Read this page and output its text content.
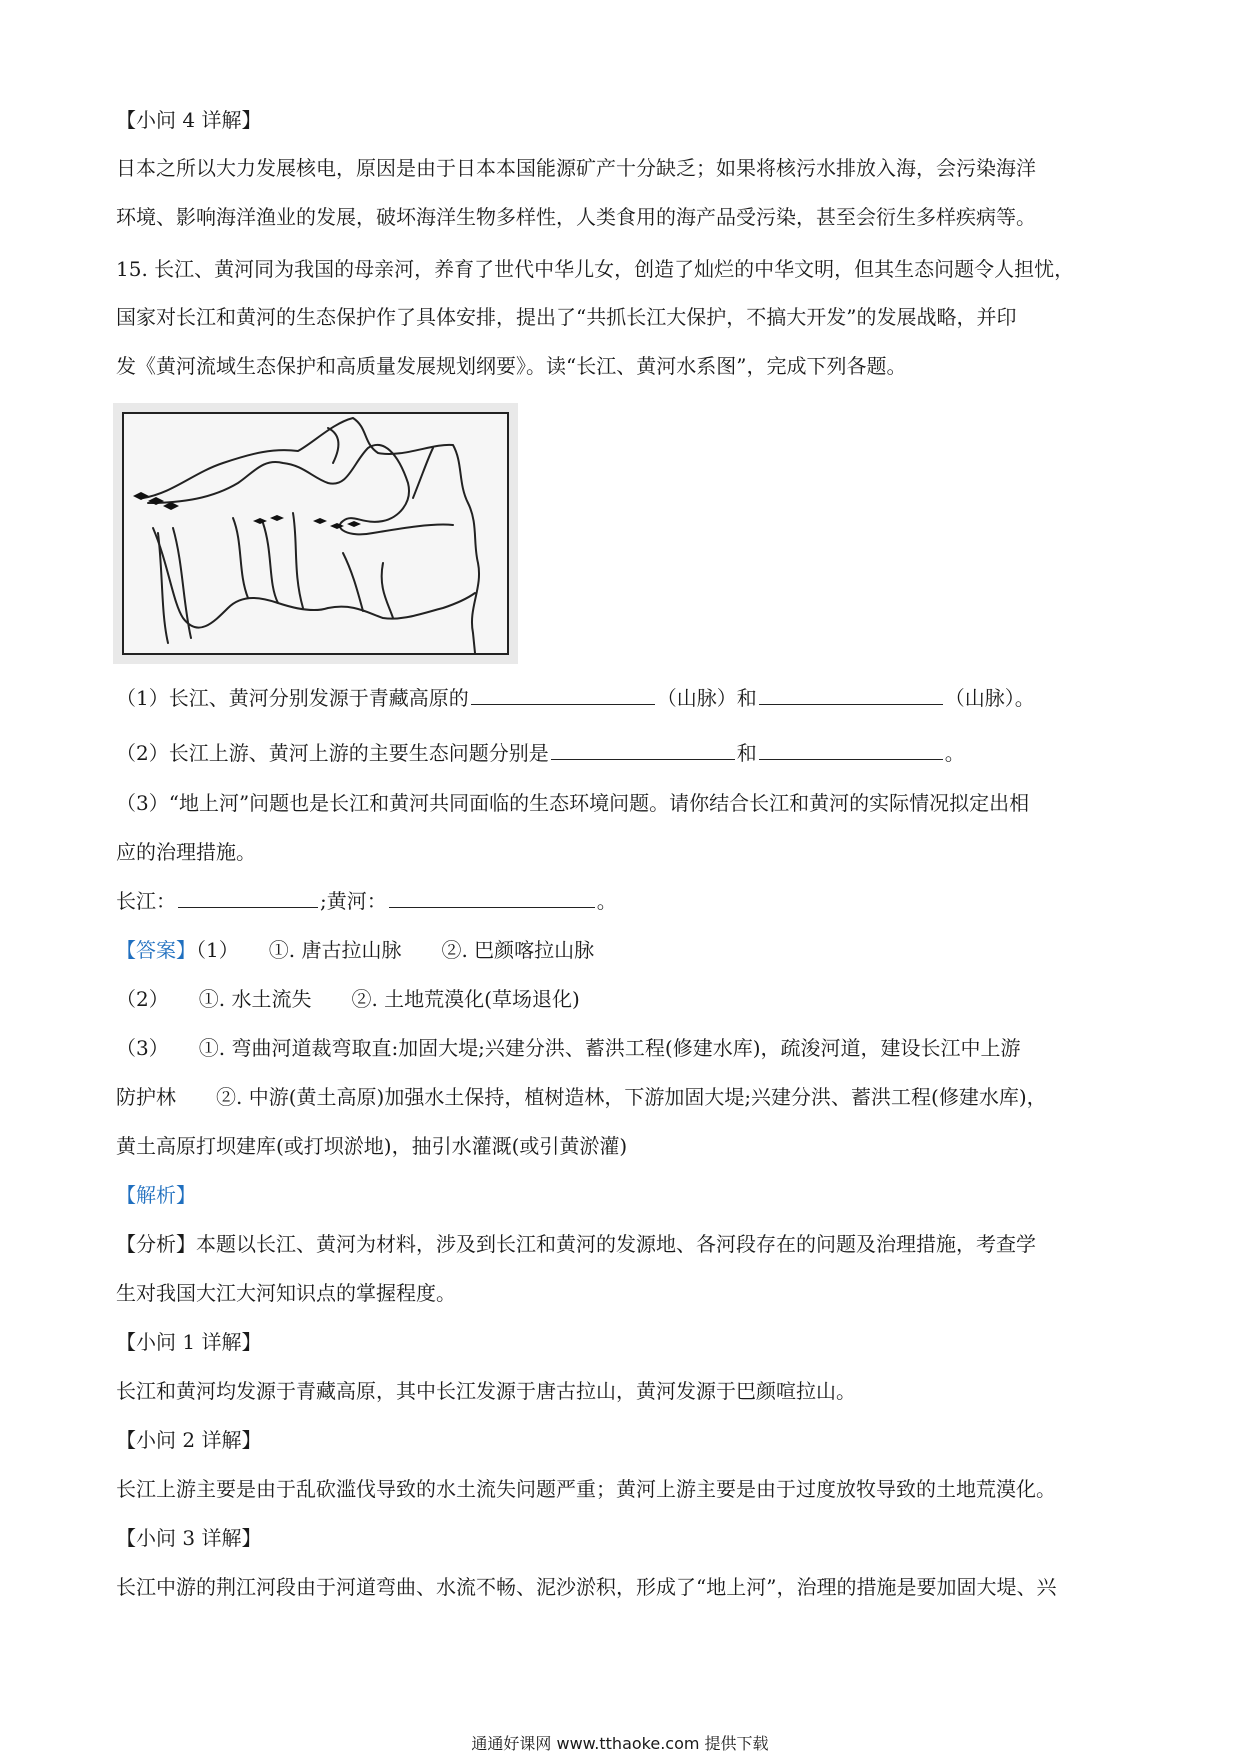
【小问 4 详解】
日本之所以大力发展核电，原因是由于日本本国能源矿产十分缺乏；如果将核污水排放入海，会污染海洋
环境、影响海洋渔业的发展，破坏海洋生物多样性，人类食用的海产品受污染，甚至会衍生多样疾病等。
15. 长江、黄河同为我国的母亲河，养育了世代中华儿女，创造了灿烂的中华文明，但其生态问题令人担忧，
国家对长江和黄河的生态保护作了具体安排，提出了“共抓长江大保护，不搞大开发”的发展战略，并印
发《黄河流域生态保护和高质量发展规划纲要》。读“长江、黄河水系图”，完成下列各题。
（1）长江、黄河分别发源于青藏高原的	（山脉）和	（山脉）。
（2）长江上游、黄河上游的主要生态问题分别是	和	。
（3）“地上河”问题也是长江和黄河共同面临的生态环境问题。请你结合长江和黄河的实际情况拟定出相
应的治理措施。
长江：	;黄河：	。
【答案】（1）　　①. 唐古拉山脉　　②. 巴颜喀拉山脉
（2）　　①. 水土流失　　②. 土地荒漠化(草场退化)
（3）　　①. 弯曲河道裁弯取直:加固大堤;兴建分洪、蓄洪工程(修建水库)，疏浚河道，建设长江中上游
防护林　　②. 中游(黄土高原)加强水土保持，植树造林，下游加固大堤;兴建分洪、蓄洪工程(修建水库)，
黄土高原打坝建库(或打坝淤地)，抽引水灌溉(或引黄淤灌)
【解析】
【分析】本题以长江、黄河为材料，涉及到长江和黄河的发源地、各河段存在的问题及治理措施，考查学
生对我国大江大河知识点的掌握程度。
【小问 1 详解】
长江和黄河均发源于青藏高原，其中长江发源于唐古拉山，黄河发源于巴颜喧拉山。
【小问 2 详解】
长江上游主要是由于乱砍滥伐导致的水土流失问题严重；黄河上游主要是由于过度放牧导致的土地荒漠化。
【小问 3 详解】
长江中游的荆江河段由于河道弯曲、水流不畅、泥沙淤积，形成了“地上河”，治理的措施是要加固大堤、兴
通通好课网 www.tthaoke.com 提供下载
